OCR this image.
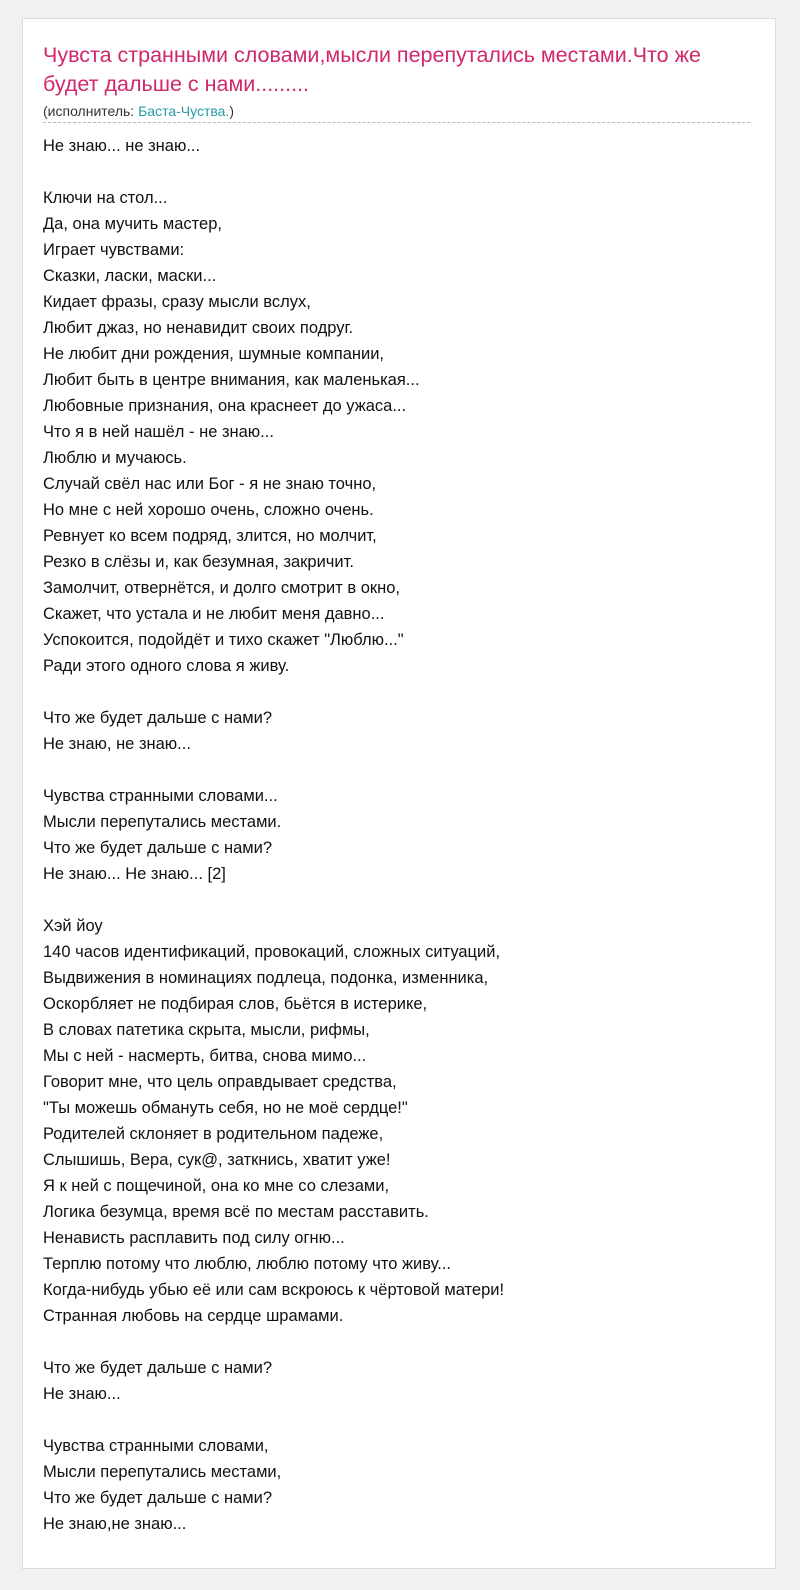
Чувста странными словами,мысли перепутались местами.Что же будет дальше с нами.........
(исполнитель: Баста-Чуства.)
Не знаю... не знаю...
Ключи на стол...
Да, она мучить мастер,
Играет чувствами:
Сказки, ласки, маски...
Кидает фразы, сразу мысли вслух,
Любит джаз, но ненавидит своих подруг.
Не любит дни рождения, шумные компании,
Любит быть в центре внимания, как маленькая...
Любовные признания, она краснеет до ужаса...
Что я в ней нашёл - не знаю...
Люблю и мучаюсь.
Случай свёл нас или Бог - я не знаю точно,
Но мне с ней хорошо очень, сложно очень.
Ревнует ко всем подряд, злится, но молчит,
Резко в слёзы и, как безумная, закричит.
Замолчит, отвернётся, и долго смотрит в окно,
Скажет, что устала и не любит меня давно...
Успокоится, подойдёт и тихо скажет "Люблю..."
Ради этого одного слова я живу.
Что же будет дальше с нами?
Не знаю, не знаю...
Чувства странными словами...
Мысли перепутались местами.
Что же будет дальше с нами?
Не знаю... Не знаю... [2]
Хэй йоу
140 часов идентификаций, провокаций, сложных ситуаций,
Выдвижения в номинациях подлеца, подонка, изменника,
Оскорбляет не подбирая слов, бьётся в истерике,
В словах патетика скрыта, мысли, рифмы,
Мы с ней - насмерть, битва, снова мимо...
Говорит мне, что цель оправдывает средства,
"Ты можешь обмануть себя, но не моё сердце!"
Родителей склоняет в родительном падеже,
Слышишь, Вера, сук@, заткнись, хватит уже!
Я к ней с пощечиной, она ко мне со слезами,
Логика безумца, время всё по местам расставить.
Ненависть расплавить под силу огню...
Терплю потому что люблю, люблю потому что живу...
Когда-нибудь убью её или сам вскроюсь к чёртовой матери!
Странная любовь на сердце шрамами.
Что же будет дальше с нами?
Не знаю...
Чувства странными словами,
Мысли перепутались местами,
Что же будет дальше с нами?
Не знаю,не знаю...
